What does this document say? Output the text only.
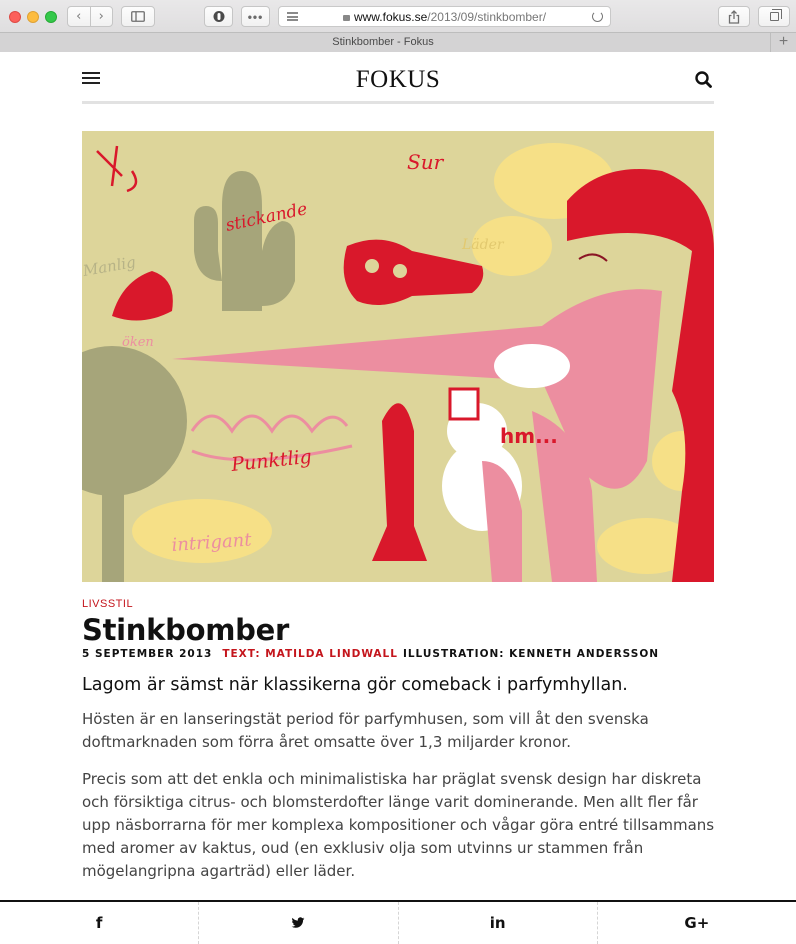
‹	›	•••	www.fokus.se/2013/09/stinkbomber/
Stinkbomber - Fokus	+
FOKUS
Sur
Läder
stickande
Manlig
öken
Punktlig
intrigant
hm...
LIVSSTIL
Stinkbomber
5 SEPTEMBER 2013 TEXT: MATILDA LINDWALL ILLUSTRATION: KENNETH ANDERSSON

Lagom är sämst när klassikerna gör comeback i parfymhyllan.

Hösten är en lanseringstät period för parfymhusen, som vill åt den svenska doftmarknaden som förra året omsatte över 1,3 miljarder kronor.

Precis som att det enkla och minimalistiska har präglat svensk design har diskreta och försiktiga citrus- och blomsterdofter länge varit dominerande. Men allt fler får upp näsborrarna för mer komplexa kompositioner och vågar göra entré tillsammans med aromer av kaktus, oud (en exklusiv olja som utvinns ur stammen från mögelangripna agarträd) eller läder.

f	in	G+
